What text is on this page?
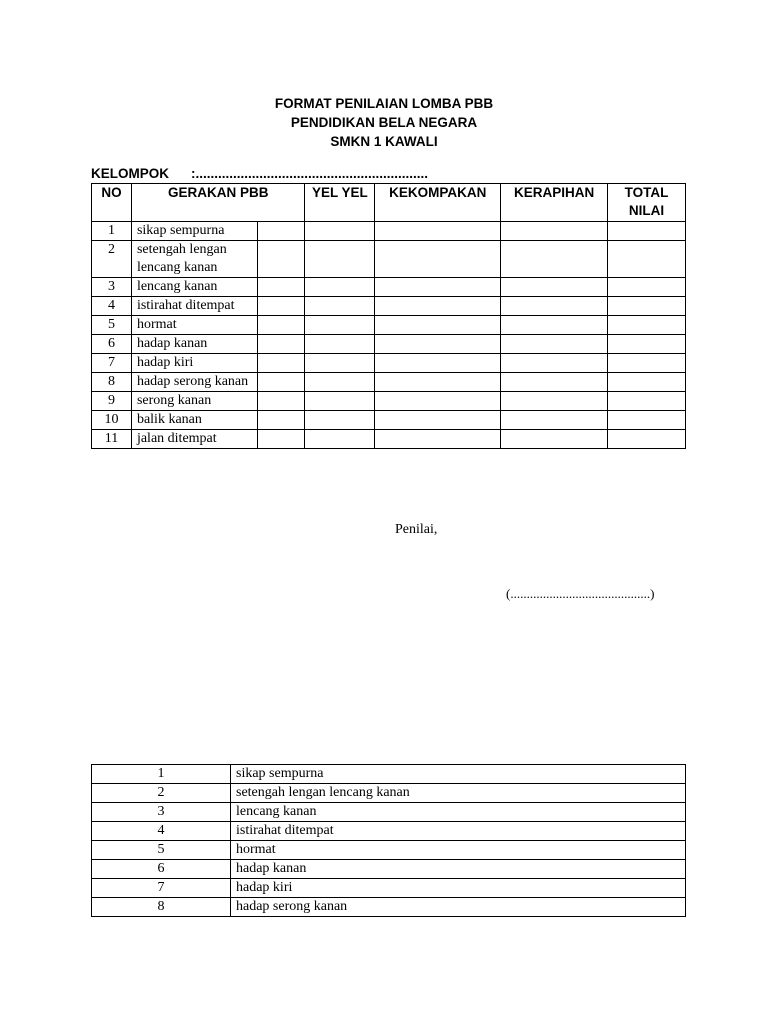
FORMAT PENILAIAN LOMBA PBB
PENDIDIKAN BELA NEGARA
SMKN 1 KAWALI
KELOMPOK :..............................................................
NO	GERAKAN PBB		YEL YEL	KEKOMPAKAN	KERAPIHAN	TOTAL NILAI
1	sikap sempurna					
2	setengah lengan lencang kanan					
3	lencang kanan					
4	istirahat ditempat					
5	hormat					
6	hadap kanan					
7	hadap kiri					
8	hadap serong kanan					
9	serong kanan					
10	balik kanan					
11	jalan ditempat					
Penilai,
(...........................................)
1	sikap sempurna
2	setengah lengan lencang kanan
3	lencang kanan
4	istirahat ditempat
5	hormat
6	hadap kanan
7	hadap kiri
8	hadap serong kanan
